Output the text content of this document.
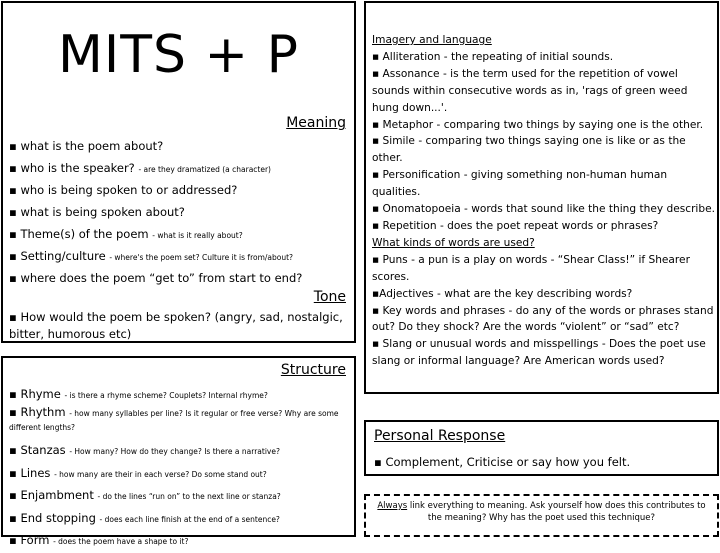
MITS + P
Meaning
▪ what is the poem about?
▪ who is the speaker? - are they dramatized (a character)
▪ who is being spoken to or addressed?
▪ what is being spoken about?
▪ Theme(s) of the poem - what is it really about?
▪ Setting/culture - where's the poem set? Culture it is from/about?
▪ where does the poem “get to” from start to end?
Tone
▪ How would the poem be spoken? (angry, sad, nostalgic, bitter, humorous etc)
Structure
▪ Rhyme - is there a rhyme scheme? Couplets? Internal rhyme?
▪ Rhythm - how many syllables per line? Is it regular or free verse? Why are some different lengths?
▪ Stanzas - How many? How do they change? Is there a narrative?
▪ Lines - how many are their in each verse? Do some stand out?
▪ Enjambment - do the lines “run on” to the next line or stanza?
▪ End stopping - does each line finish at the end of a sentence?
▪ Form - does the poem have a shape to it?

Imagery and language

▪ Alliteration - the repeating of initial sounds.

▪ Assonance - is the term used for the repetition of vowel sounds within consecutive words as in, 'rags of green weed hung down...'.

▪ Metaphor - comparing two things by saying one is the other.

▪ Simile - comparing two things saying one is like or as the other.

▪ Personification - giving something non-human human qualities.

▪ Onomatopoeia - words that sound like the thing they describe.

▪ Repetition - does the poet repeat words or phrases?

What kinds of words are used?

▪ Puns - a pun is a play on words - “Shear Class!” if Shearer scores.

▪Adjectives - what are the key describing words?

▪ Key words and phrases - do any of the words or phrases stand out? Do they shock? Are the words “violent” or “sad” etc?

▪ Slang or unusual words and misspellings - Does the poet use slang or informal language? Are American words used?

Personal Response
▪ Complement, Criticise or say how you felt.
Always link everything to meaning. Ask yourself how does this contributes to the meaning? Why has the poet used this technique?
